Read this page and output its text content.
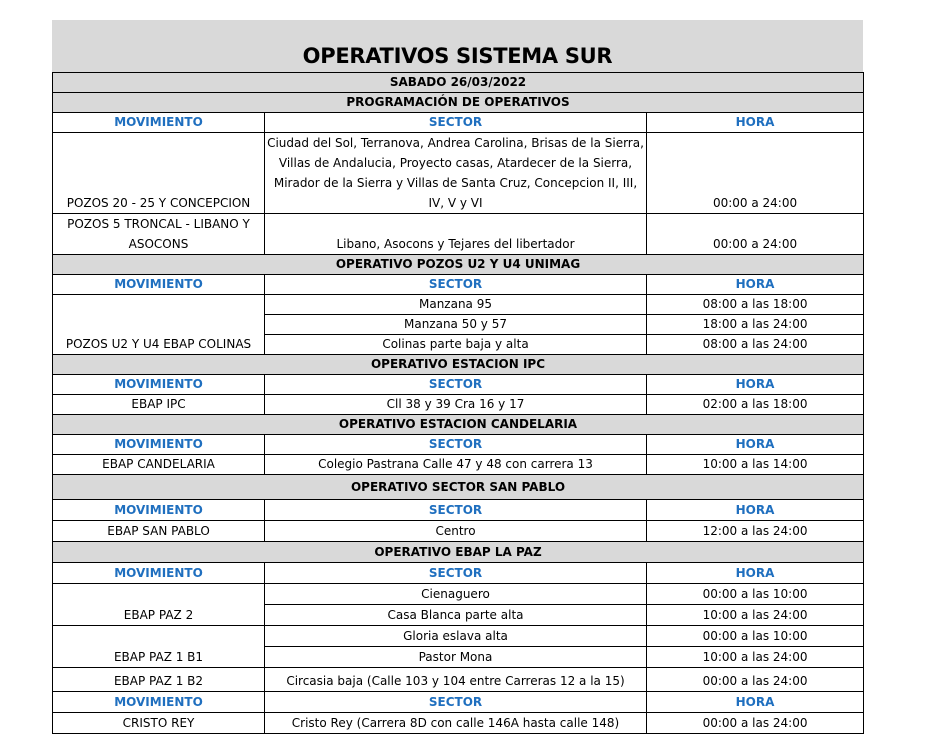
OPERATIVOS SISTEMA SUR
SABADO 26/03/2022		
PROGRAMACIÓN DE OPERATIVOS		
MOVIMIENTO	SECTOR	HORA
POZOS 20 - 25 Y CONCEPCION	Ciudad del Sol, Terranova, Andrea Carolina, Brisas de la Sierra, Villas de Andalucia, Proyecto casas, Atardecer de la Sierra, Mirador de la Sierra y Villas de Santa Cruz, Concepcion II, III, IV, V y VI	00:00 a 24:00
POZOS 5 TRONCAL - LIBANO Y ASOCONS	Libano, Asocons y Tejares del libertador	00:00 a 24:00
OPERATIVO POZOS U2 Y U4 UNIMAG		
MOVIMIENTO	SECTOR	HORA
POZOS U2 Y U4 EBAP COLINAS	Manzana 95	08:00 a las 18:00
	Manzana 50 y 57	18:00 a las 24:00
	Colinas parte baja y alta	08:00 a las 24:00
OPERATIVO ESTACION IPC		
MOVIMIENTO	SECTOR	HORA
EBAP IPC	Cll 38 y 39 Cra 16 y 17	02:00 a las 18:00
OPERATIVO ESTACION CANDELARIA		
MOVIMIENTO	SECTOR	HORA
EBAP CANDELARIA	Colegio Pastrana Calle 47 y 48 con carrera 13	10:00 a las 14:00
OPERATIVO SECTOR SAN PABLO		
MOVIMIENTO	SECTOR	HORA
EBAP SAN PABLO	Centro	12:00 a las 24:00
OPERATIVO EBAP LA PAZ		
MOVIMIENTO	SECTOR	HORA
EBAP PAZ 2	Cienaguero	00:00 a las 10:00
	Casa Blanca parte alta	10:00 a las 24:00
EBAP PAZ 1 B1	Gloria eslava alta	00:00 a las 10:00
	Pastor Mona	10:00 a las 24:00
EBAP PAZ 1 B2	Circasia baja (Calle 103 y 104 entre Carreras 12 a la 15)	00:00 a las 24:00
MOVIMIENTO	SECTOR	HORA
CRISTO REY	Cristo Rey (Carrera 8D con calle 146A hasta calle 148)	00:00 a las 24:00
